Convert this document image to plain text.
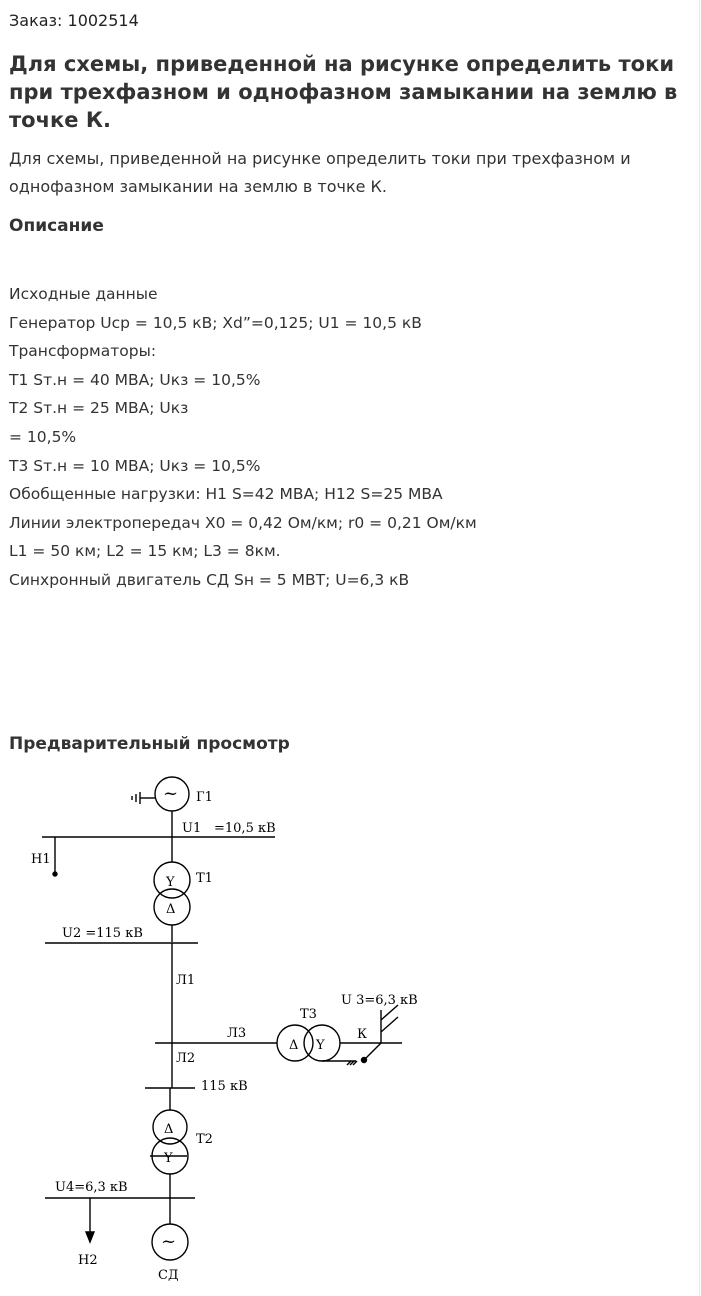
Заказ: 1002514
Для схемы, приведенной на рисунке определить токи при трехфазном и однофазном замыкании на землю в точке К.

Для схемы, приведенной на рисунке определить токи при трехфазном и однофазном замыкании на землю в точке К.

Описание
Исходные данные
Генератор Uср = 10,5 кВ; Xd”=0,125; U1 = 10,5 кВ
Трансформаторы:
Т1 Sт.н = 40 МВА; Uкз = 10,5%
Т2 Sт.н = 25 МВА; Uкз
= 10,5%
Т3 Sт.н = 10 МВА; Uкз = 10,5%
Обобщенные нагрузки: Н1 S=42 МВА; Н12 S=25 МВА
Линии электропередач X0 = 0,42 Ом/км; r0 = 0,21 Ом/км
L1 = 50 км; L2 = 15 км; L3 = 8км.
Синхронный двигатель СД Sн = 5 МВТ; U=6,3 кВ
Предварительный просмотр
~ Г1
U1 =10,5 кВ
Н1
Y
Δ
Т1
U2 =115 кВ
Л1
Л3
Δ Y
Т3
К
U 3=6,3 кВ
Л2
115 кВ
Δ
Y
Т2
U4=6,3 кВ
Н2
~
СД
